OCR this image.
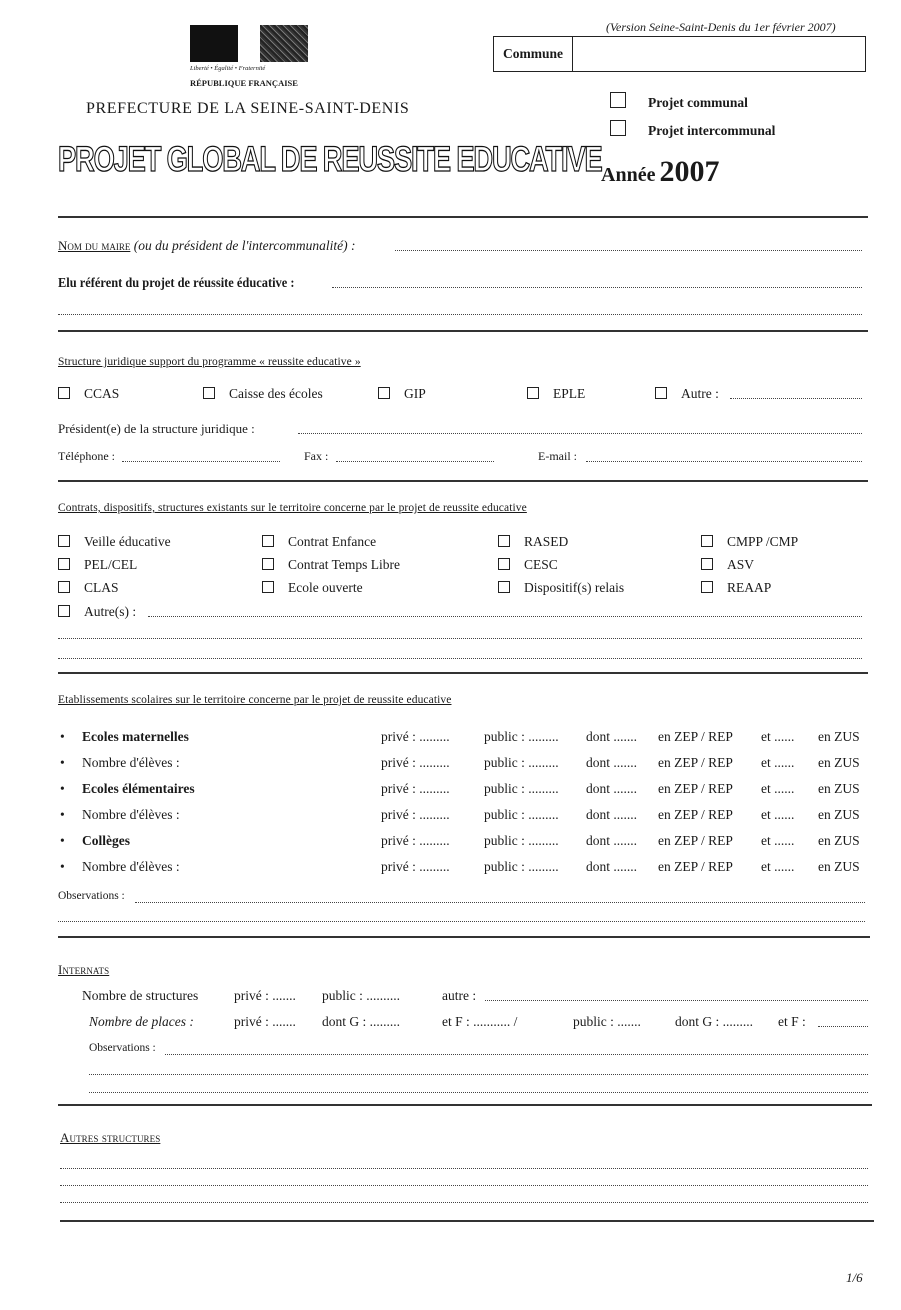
(Version Seine-Saint-Denis du 1er février 2007)
Liberté • Égalité • Fraternité
RÉPUBLIQUE FRANÇAISE
PREFECTURE DE LA SEINE-SAINT-DENIS
PROJET GLOBAL DE REUSSITE EDUCATIVE
Commune
Projet communal
Projet intercommunal
Année 2007
Nom du maire (ou du président de l'intercommunalité) :
Elu référent du projet de réussite éducative :
Structure juridique support du programme « reussite educative »
CCAS	Caisse des écoles	GIP	EPLE	Autre :
Président(e) de la structure juridique :
Téléphone :	Fax :	E-mail :
Contrats, dispositifs, structures existants sur le territoire concerne par le projet de reussite educative
Veille éducative
PEL/CEL
CLAS
Contrat Enfance
Contrat Temps Libre
Ecole ouverte
RASED
CESC
Dispositif(s) relais
CMPP /CMP
ASV
REAAP
Autre(s) :
Etablissements scolaires sur le territoire concerne par le projet de reussite educative
• Ecoles maternelles	privé : .........	public : ......... dont ....... en ZEP / REP et ...... en ZUS
• Nombre d'élèves :	privé : .........	public : ......... dont ....... en ZEP / REP et ...... en ZUS
• Ecoles élémentaires	privé : .........	public : ......... dont ....... en ZEP / REP et ...... en ZUS
• Nombre d'élèves :	privé : .........	public : ......... dont ....... en ZEP / REP et ...... en ZUS
• Collèges	privé : .........	public : ......... dont ....... en ZEP / REP et ...... en ZUS
• Nombre d'élèves :	privé : .........	public : ......... dont ....... en ZEP / REP et ...... en ZUS
Observations :
Internats
Nombre de structures	privé : ....... public : ..........	autre :
Nombre de places :	privé : ....... dont G : .........	et F : ........... /	public : .......	dont G : ......... et F :
Observations :
Autres structures
1/6
